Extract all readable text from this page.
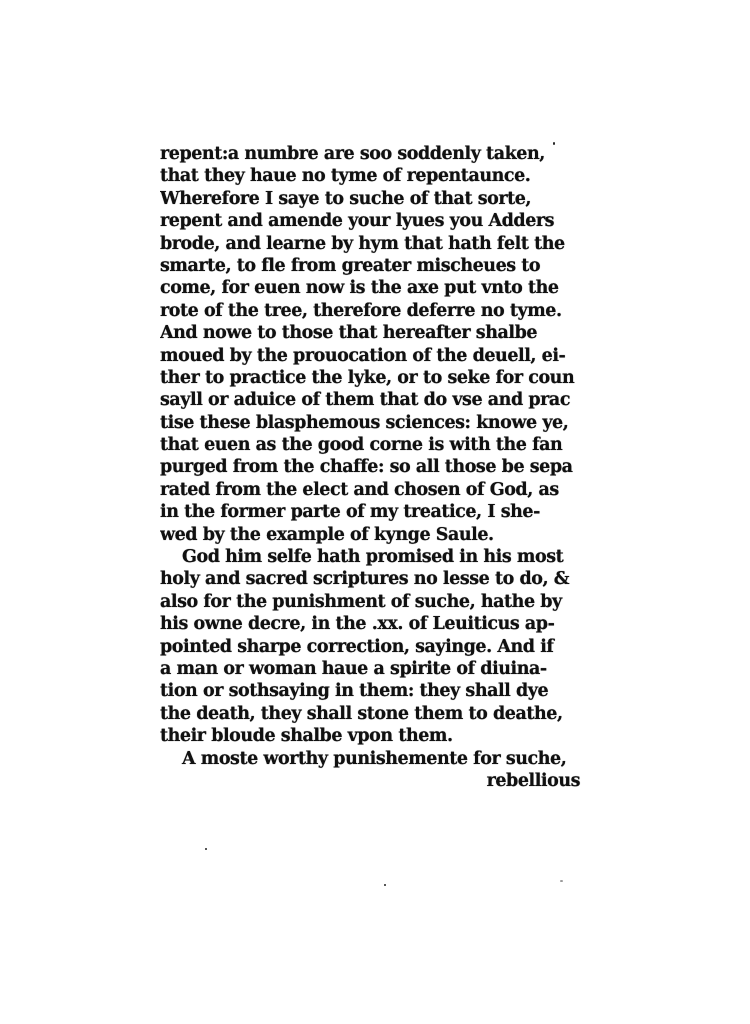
repent:a numbre are soo soddenly taken,
that they haue no tyme of repentaunce.
Wherefore I saye to suche of that sorte,
repent and amende your lyues you Adders
brode, and learne by hym that hath felt the
smarte, to fle from greater mischeues to
come, for euen now is the axe put vnto the
rote of the tree, therefore deferre no tyme.
And nowe to those that hereafter shalbe
moued by the prouocation of the deuell, ei-
ther to practice the lyke, or to seke for coun
sayll or aduice of them that do vse and prac
tise these blasphemous sciences: knowe ye,
that euen as the good corne is with the fan
purged from the chaffe: so all those be sepa
rated from the elect and chosen of God, as
in the former parte of my treatice, I she-
wed by the example of kynge Saule.
God him selfe hath promised in his most
holy and sacred scriptures no lesse to do, &
also for the punishment of suche, hathe by
his owne decre, in the .xx. of Leuiticus ap-
pointed sharpe correction, sayinge. And if
a man or woman haue a spirite of diuina-
tion or sothsaying in them: they shall dye
the death, they shall stone them to deathe,
their bloude shalbe vpon them.
A moste worthy punishemente for suche,
rebellious
